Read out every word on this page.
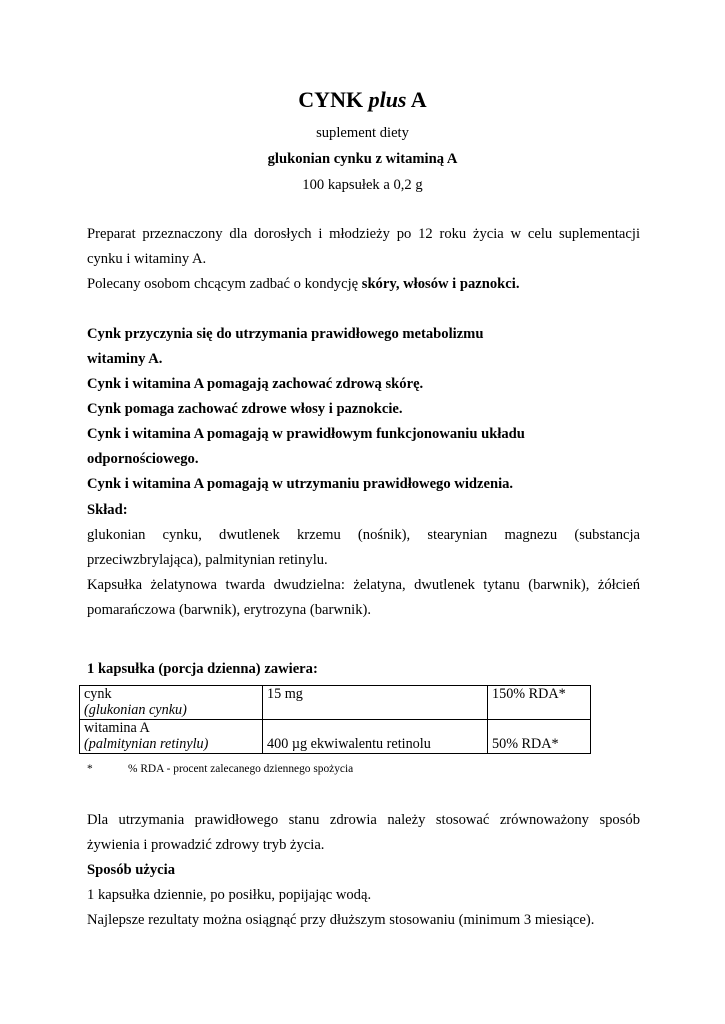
CYNK plus A

suplement diety

glukonian cynku z witaminą A

100 kapsułek a 0,2 g

Preparat przeznaczony dla dorosłych i młodzieży po 12 roku życia w celu suplementacji cynku i witaminy A.

Polecany osobom chcącym zadbać o kondycję skóry, włosów i paznokci.

Cynk przyczynia się do utrzymania prawidłowego metabolizmu witaminy A.
Cynk i witamina A pomagają zachować zdrową skórę.
Cynk pomaga zachować zdrowe włosy i paznokcie.
Cynk i witamina A pomagają w prawidłowym funkcjonowaniu układu odpornościowego.
Cynk i witamina A pomagają w utrzymaniu prawidłowego widzenia.

Skład:

glukonian cynku, dwutlenek krzemu (nośnik), stearynian magnezu (substancja przeciwzbrylająca), palmitynian retinylu.

Kapsułka żelatynowa twarda dwudzielna: żelatyna, dwutlenek tytanu (barwnik), żółcień pomarańczowa (barwnik), erytrozyna (barwnik).

1 kapsułka (porcja dzienna) zawiera:

cynk
(glukonian cynku)	15 mg	150% RDA*
witamina A
(palmitynian retinylu)	400 µg ekwiwalentu retinolu	50% RDA*

*	% RDA - procent zalecanego dziennego spożycia

Dla utrzymania prawidłowego stanu zdrowia należy stosować zrównoważony sposób żywienia i prowadzić zdrowy tryb życia.

Sposób użycia

1 kapsułka dziennie, po posiłku, popijając wodą.

Najlepsze rezultaty można osiągnąć przy dłuższym stosowaniu (minimum 3 miesiące).
